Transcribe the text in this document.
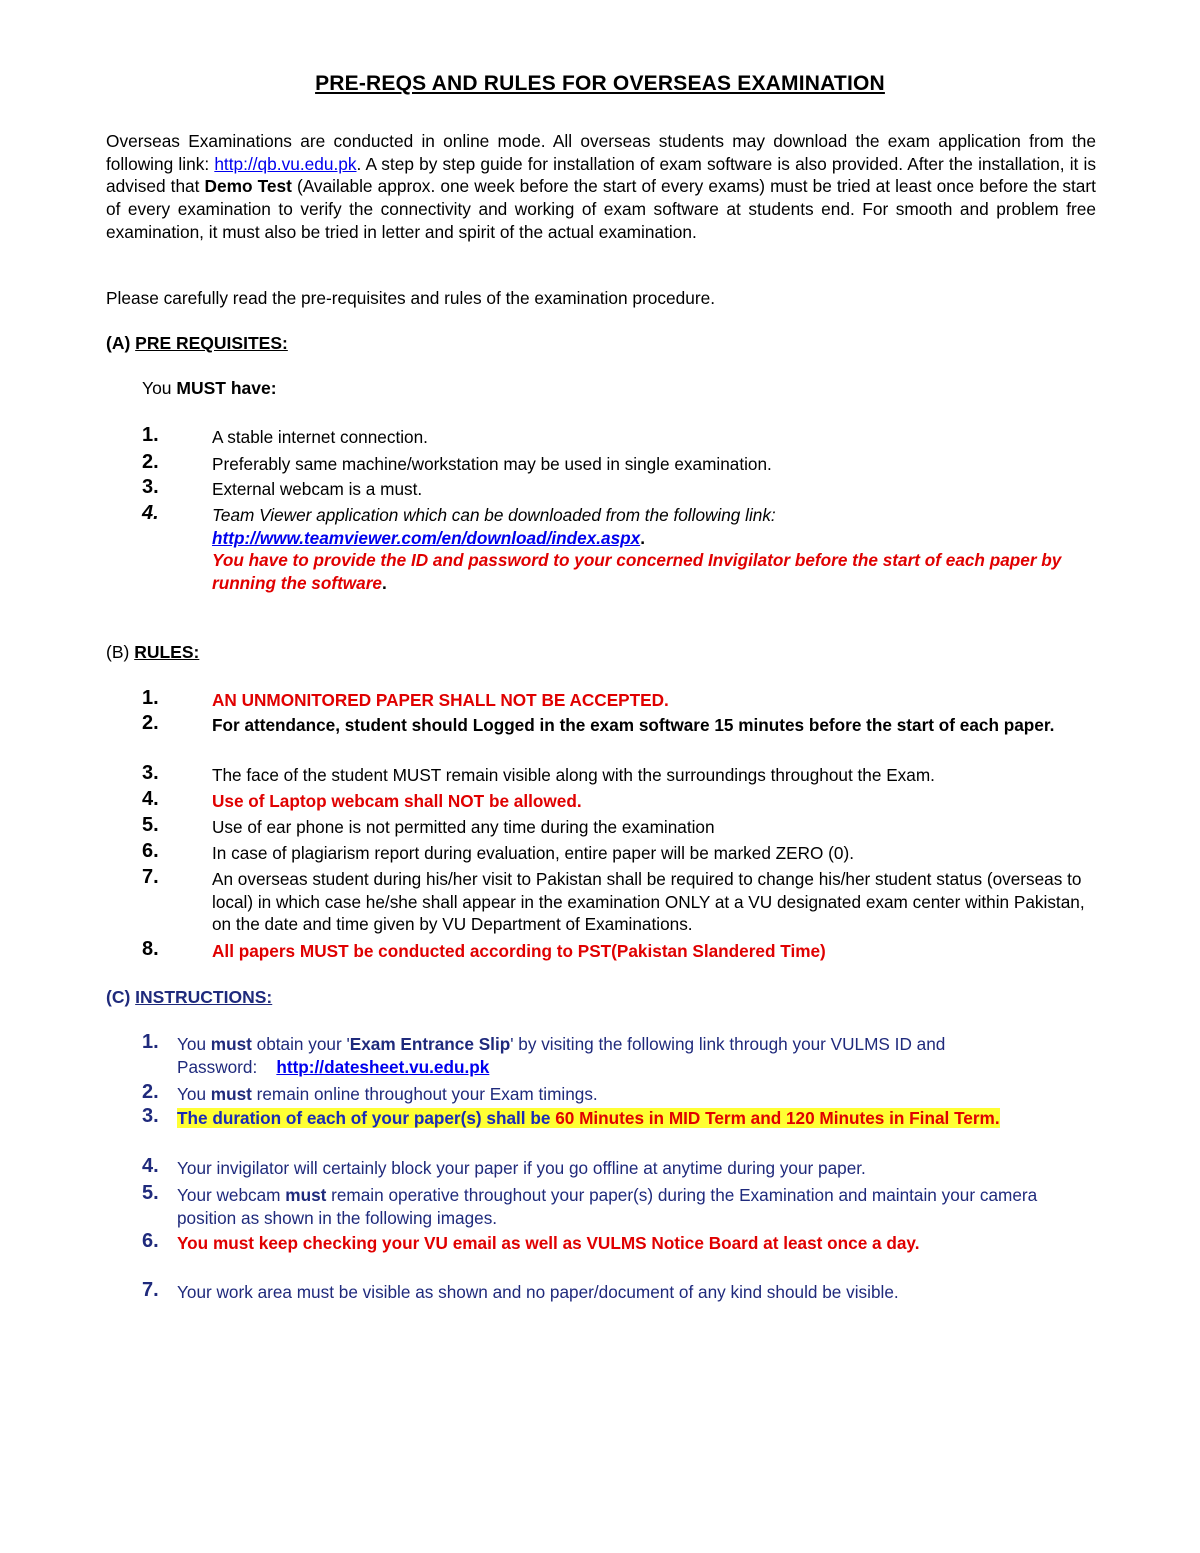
PRE-REQS AND RULES FOR OVERSEAS EXAMINATION
Overseas Examinations are conducted in online mode. All overseas students may download the exam application from the following link: http://qb.vu.edu.pk. A step by step guide for installation of exam software is also provided. After the installation, it is advised that Demo Test (Available approx. one week before the start of every exams) must be tried at least once before the start of every examination to verify the connectivity and working of exam software at students end. For smooth and problem free examination, it must also be tried in letter and spirit of the actual examination.
Please carefully read the pre-requisites and rules of the examination procedure.
(A) PRE REQUISITES:
You MUST have:
1.	A stable internet connection.
2.	Preferably same machine/workstation may be used in single examination.
3.	External webcam is a must.
4.	Team Viewer application which can be downloaded from the following link:
http://www.teamviewer.com/en/download/index.aspx.
You have to provide the ID and password to your concerned Invigilator before the start of each paper by running the software.
(B) RULES:
1.	AN UNMONITORED PAPER SHALL NOT BE ACCEPTED.
2.	For attendance, student should Logged in the exam software 15 minutes before the start of each paper.
3.	The face of the student MUST remain visible along with the surroundings throughout the Exam.
4.	Use of Laptop webcam shall NOT be allowed.
5.	Use of ear phone is not permitted any time during the examination
6.	In case of plagiarism report during evaluation, entire paper will be marked ZERO (0).
7.	An overseas student during his/her visit to Pakistan shall be required to change his/her student status (overseas to local) in which case he/she shall appear in the examination ONLY at a VU designated exam center within Pakistan, on the date and time given by VU Department of Examinations.
8.	All papers MUST be conducted according to PST(Pakistan Slandered Time)
(C) INSTRUCTIONS:
1.	You must obtain your 'Exam Entrance Slip' by visiting the following link through your VULMS ID and Password: http://datesheet.vu.edu.pk
2.	You must remain online throughout your Exam timings.
3.	The duration of each of your paper(s) shall be 60 Minutes in MID Term and 120 Minutes in Final Term.
4.	Your invigilator will certainly block your paper if you go offline at anytime during your paper.
5.	Your webcam must remain operative throughout your paper(s) during the Examination and maintain your camera position as shown in the following images.
6.	You must keep checking your VU email as well as VULMS Notice Board at least once a day.
7.	Your work area must be visible as shown and no paper/document of any kind should be visible.
